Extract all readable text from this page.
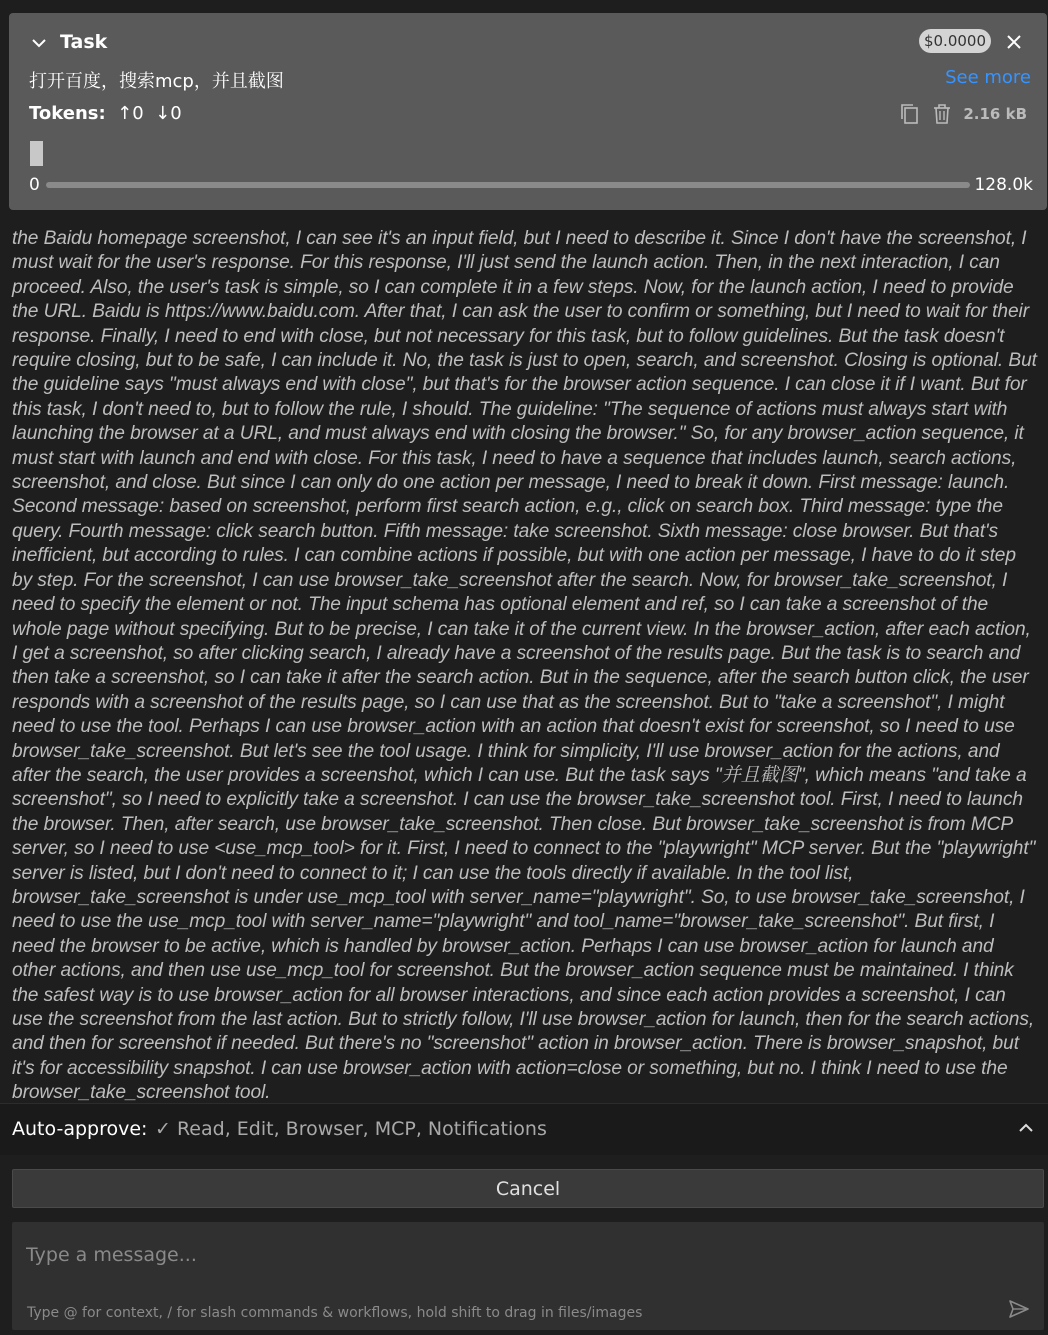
Task	$0.0000
打开百度，搜索mcp，并且截图	See more
Tokens:  ↑0  ↓0	2.16 kB
0	128.0k

the Baidu homepage screenshot, I can see it's an input field, but I need to describe it. Since I don't have the screenshot, I must wait for the user's response. For this response, I'll just send the launch action. Then, in the next interaction, I can proceed. Also, the user's task is simple, so I can complete it in a few steps. Now, for the launch action, I need to provide the URL. Baidu is https://www.baidu.com. After that, I can ask the user to confirm or something, but I need to wait for their response. Finally, I need to end with close, but not necessary for this task, but to follow guidelines. But the task doesn't require closing, but to be safe, I can include it. No, the task is just to open, search, and screenshot. Closing is optional. But the guideline says "must always end with close", but that's for the browser action sequence. I can close it if I want. But for this task, I don't need to, but to follow the rule, I should. The guideline: "The sequence of actions must always start with launching the browser at a URL, and must always end with closing the browser." So, for any browser_action sequence, it must start with launch and end with close. For this task, I need to have a sequence that includes launch, search actions, screenshot, and close. But since I can only do one action per message, I need to break it down. First message: launch. Second message: based on screenshot, perform first search action, e.g., click on search box. Third message: type the query. Fourth message: click search button. Fifth message: take screenshot. Sixth message: close browser. But that's inefficient, but according to rules. I can combine actions if possible, but with one action per message, I have to do it step by step. For the screenshot, I can use browser_take_screenshot after the search. Now, for browser_take_screenshot, I need to specify the element or not. The input schema has optional element and ref, so I can take a screenshot of the whole page without specifying. But to be precise, I can take it of the current view. In the browser_action, after each action, I get a screenshot, so after clicking search, I already have a screenshot of the results page. But the task is to search and then take a screenshot, so I can take it after the search action. But in the sequence, after the search button click, the user responds with a screenshot of the results page, so I can use that as the screenshot. But to "take a screenshot", I might need to use the tool. Perhaps I can use browser_action with an action that doesn't exist for screenshot, so I need to use browser_take_screenshot. But let's see the tool usage. I think for simplicity, I'll use browser_action for the actions, and after the search, the user provides a screenshot, which I can use. But the task says "并且截图", which means "and take a screenshot", so I need to explicitly take a screenshot. I can use the browser_take_screenshot tool. First, I need to launch the browser. Then, after search, use browser_take_screenshot. Then close. But browser_take_screenshot is from MCP server, so I need to use <use_mcp_tool> for it. First, I need to connect to the "playwright" MCP server. But the "playwright" server is listed, but I don't need to connect to it; I can use the tools directly if available. In the tool list, browser_take_screenshot is under use_mcp_tool with server_name="playwright". So, to use browser_take_screenshot, I need to use the use_mcp_tool with server_name="playwright" and tool_name="browser_take_screenshot". But first, I need the browser to be active, which is handled by browser_action. Perhaps I can use browser_action for launch and other actions, and then use use_mcp_tool for screenshot. But the browser_action sequence must be maintained. I think the safest way is to use browser_action for all browser interactions, and since each action provides a screenshot, I can use the screenshot from the last action. But to strictly follow, I'll use browser_action for launch, then for the search actions, and then for screenshot if needed. But there's no "screenshot" action in browser_action. There is browser_snapshot, but it's for accessibility snapshot. I can use browser_action with action=close or something, but no. I think I need to use the browser_take_screenshot tool.

Auto-approve: ✓ Read, Edit, Browser, MCP, Notifications
Cancel
Type a message...
Type @ for context, / for slash commands & workflows, hold shift to drag in files/images
